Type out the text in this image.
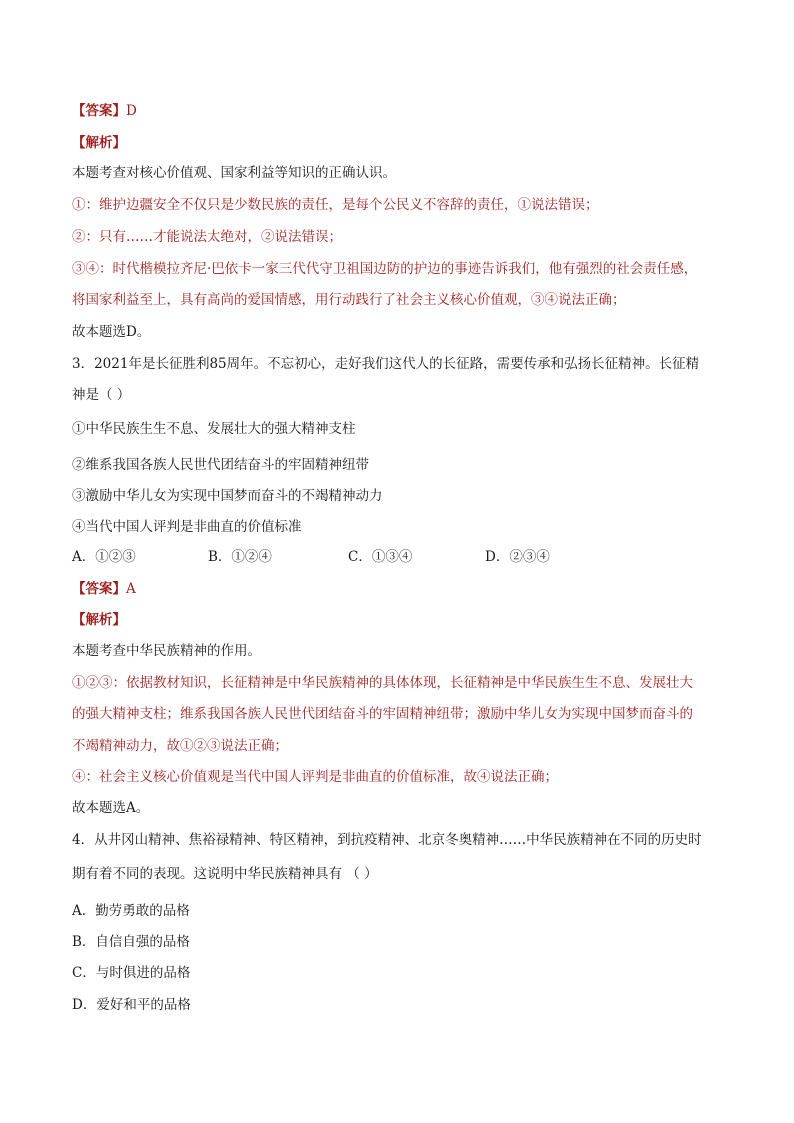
【答案】D
【解析】
本题考查对核心价值观、国家利益等知识的正确认识。
①：维护边疆安全不仅只是少数民族的责任，是每个公民义不容辞的责任，①说法错误；
②：只有……才能说法太绝对，②说法错误；
③④：时代楷模拉齐尼·巴依卡一家三代代守卫祖国边防的护边的事迹告诉我们，他有强烈的社会责任感，
将国家利益至上，具有高尚的爱国情感，用行动践行了社会主义核心价值观，③④说法正确；
故本题选D。
3．2021年是长征胜利85周年。不忘初心，走好我们这代人的长征路，需要传承和弘扬长征精神。长征精
神是（ ）
①中华民族生生不息、发展壮大的强大精神支柱
②维系我国各族人民世代团结奋斗的牢固精神纽带
③激励中华儿女为实现中国梦而奋斗的不竭精神动力
④当代中国人评判是非曲直的价值标准
A．①②③	B．①②④	C．①③④	D．②③④
【答案】A
【解析】
本题考查中华民族精神的作用。
①②③：依据教材知识，长征精神是中华民族精神的具体体现，长征精神是中华民族生生不息、发展壮大
的强大精神支柱；维系我国各族人民世代团结奋斗的牢固精神纽带；激励中华儿女为实现中国梦而奋斗的
不竭精神动力，故①②③说法正确；
④：社会主义核心价值观是当代中国人评判是非曲直的价值标准，故④说法正确；
故本题选A。
4．从井冈山精神、焦裕禄精神、特区精神，到抗疫精神、北京冬奥精神……中华民族精神在不同的历史时
期有着不同的表现。这说明中华民族精神具有 （ ）
A．勤劳勇敢的品格
B．自信自强的品格
C．与时俱进的品格
D．爱好和平的品格
